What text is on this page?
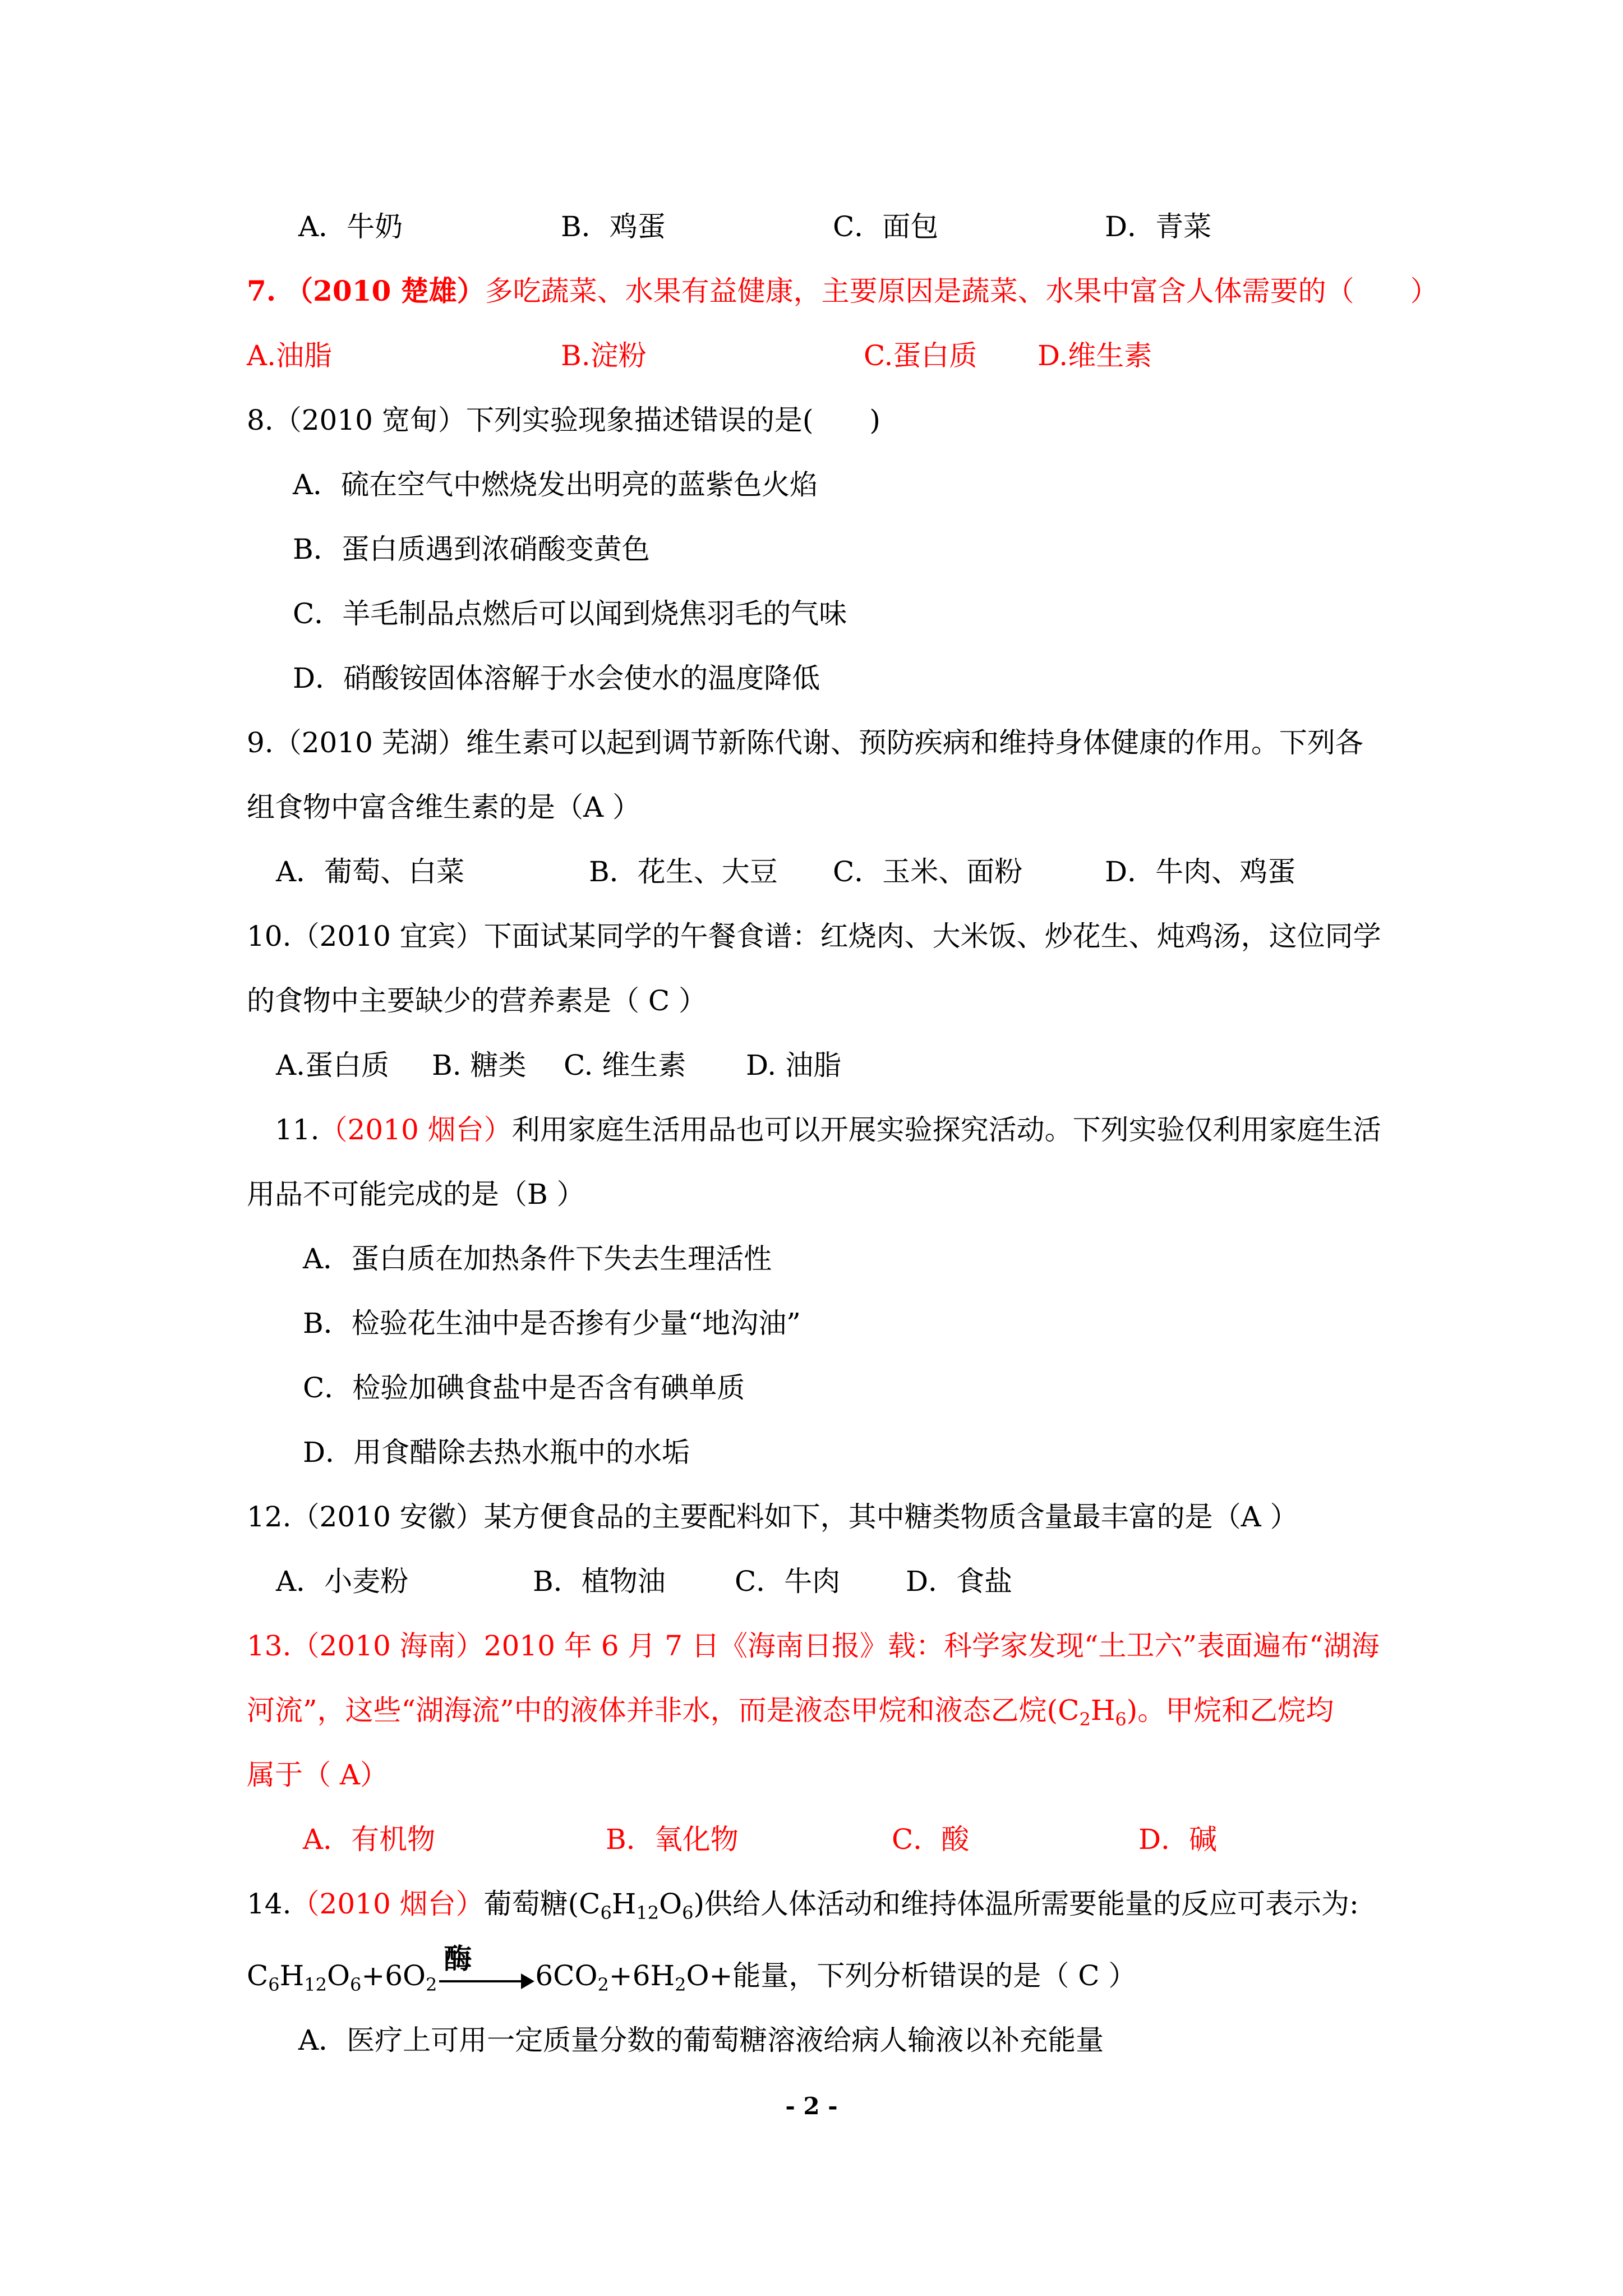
A．牛奶	B．鸡蛋	C．面包	D．青菜
7. （2010 楚雄）多吃蔬菜、水果有益健康，主要原因是蔬菜、水果中富含人体需要的（　　）
A.油脂	B.淀粉	C.蛋白质 D.维生素
8.（2010 宽甸）下列实验现象描述错误的是(　　)
A．硫在空气中燃烧发出明亮的蓝紫色火焰
B．蛋白质遇到浓硝酸变黄色
C．羊毛制品点燃后可以闻到烧焦羽毛的气味
D．硝酸铵固体溶解于水会使水的温度降低
9.（2010 芜湖）维生素可以起到调节新陈代谢、预防疾病和维持身体健康的作用。下列各
组食物中富含维生素的是（A ）
A．葡萄、白菜	B．花生、大豆 C．玉米、面粉	D．牛肉、鸡蛋
10.（2010 宜宾）下面试某同学的午餐食谱：红烧肉、大米饭、炒花生、炖鸡汤，这位同学
的食物中主要缺少的营养素是（ C ）
A.蛋白质 B. 糖类 C. 维生素 D. 油脂
11.（2010 烟台）利用家庭生活用品也可以开展实验探究活动。下列实验仅利用家庭生活
用品不可能完成的是（B ）
A．蛋白质在加热条件下失去生理活性
B．检验花生油中是否掺有少量“地沟油”
C．检验加碘食盐中是否含有碘单质
D．用食醋除去热水瓶中的水垢
12.（2010 安徽）某方便食品的主要配料如下，其中糖类物质含量最丰富的是（A ）
A．小麦粉	B．植物油 C．牛肉 D．食盐
13.（2010 海南）2010 年 6 月 7 日《海南日报》载：科学家发现“土卫六”表面遍布“湖海
河流”，这些“湖海流”中的液体并非水，而是液态甲烷和液态乙烷$(C_2H_6)$。甲烷和乙烷均
属于（ A）
A．有机物	B．氧化物	C．酸	D．碱
14.（2010 烟台）葡萄糖$(C_6H_{12}O_6)$供给人体活动和维持体温所需要能量的反应可表示为:
$C_6H_{12}O_6+6O_2$
酶
$6CO_2+6H_2O+$能量，下列分析错误的是（ C ）
A．医疗上可用一定质量分数的葡萄糖溶液给病人输液以补充能量
- 2 -
